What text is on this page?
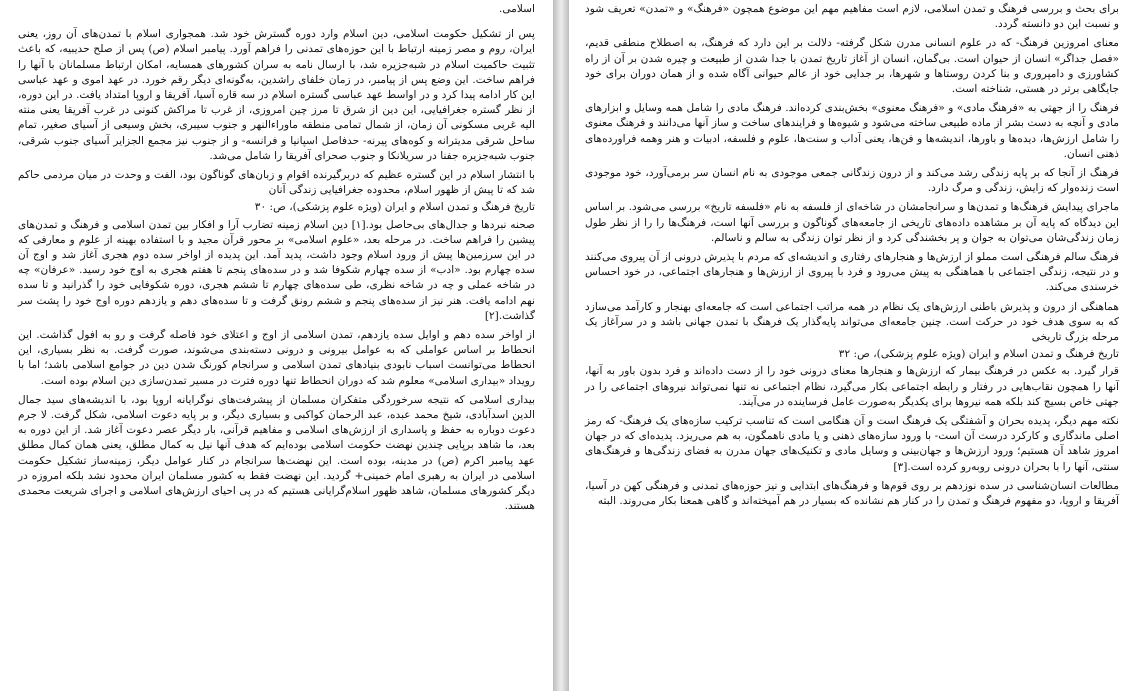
اسلامی.

پس از تشکیل حکومت اسلامی، دین اسلام وارد دوره گسترش خود شد. همجواری اسلام با تمدن‌های آن روز، یعنی ایران، روم و مصر زمینه ارتباط با این حوزه‌های تمدنی را فراهم آورد. پیامبر اسلام (ص) پس از صلح حدیبیه، که باعث تثبیت حاکمیت اسلام در شبه‌جزیره شد، با ارسال نامه به سران کشورهای همسایه، امکان ارتباط مسلمانان با آنها را فراهم ساخت. این وضع پس از پیامبر، در زمان خلفای راشدین، به‌گونه‌ای دیگر رقم خورد. در عهد اموی و عهد عباسی این کار ادامه پیدا کرد و در اواسط عهد عباسی گستره اسلام در سه قاره آسیا، آفریقا و اروپا امتداد یافت. در این دوره، از نظر گستره جغرافیایی، این دین از شرق تا مرز چین امروزی، از غرب تا مراکش کنونی در غرب آفریقا یعنی منته الیه غربی مسکونی آن زمان، از شمال تمامی منطقه ماوراءالنهر و جنوب سیبری، بخش وسیعی از آسیای صغیر، تمام ساحل شرقی مدیترانه و کوه‌های پیرنه- حدفاصل اسپانیا و فرانسه- و از جنوب نیز مجمع الجزایر آسیای جنوب شرقی، جنوب شبه‌جزیره جفنا در سریلانکا و جنوب صحرای آفریقا را شامل می‌شد.

با انتشار اسلام در این گستره عظیم که دربرگیرنده اقوام و زبان‌های گوناگون بود، الفت و وحدت در میان مردمی حاکم شد که تا پیش از ظهور اسلام، محدوده جغرافیایی زندگی آنان

تاریخ فرهنگ و تمدن اسلام و ایران (ویژه علوم پزشکی)، ص: ۳۰

صحنه نبردها و جدال‌های بی‌حاصل بود.[۱] دین اسلام زمینه تضارب آرا و افکار بین تمدن اسلامی و فرهنگ و تمدن‌های پیشین را فراهم ساخت. در مرحله بعد، «علوم اسلامی» بر محور قرآن مجید و با استفاده بهینه از علوم و معارفی که در این سرزمین‌ها پیش از ورود اسلام وجود داشت، پدید آمد. این پدیده از اواخر سده دوم هجری آغاز شد و اوج آن سده چهارم بود. «ادب» از سده چهارم شکوفا شد و در سده‌های پنجم تا هفتم هجری به اوج خود رسید. «عرفان» چه در شاخه عملی و چه در شاخه نظری، طی سده‌های چهارم تا ششم هجری، دوره شکوفایی خود را گذرانید و تا سده نهم ادامه یافت. هنر نیز از سده‌های پنجم و ششم رونق گرفت و تا سده‌های دهم و یازدهم دوره اوج خود را پشت سر گذاشت.[۲]

از اواخر سده دهم و اوایل سده یازدهم، تمدن اسلامی از اوج و اعتلای خود فاصله گرفت و رو به افول گذاشت. این انحطاط بر اساس عواملی که به عوامل بیرونی و درونی دسته‌بندی می‌شوند، صورت گرفت. به نظر بسیاری، این انحطاط می‌توانست اسباب نابودی بنیادهای تمدن اسلامی و سرانجام کورنگ شدن دین در جوامع اسلامی باشد؛ اما با رویداد «بیداری اسلامی» معلوم شد که دوران انحطاط تنها دوره فترت در مسیر تمدن‌سازی دین اسلام بوده است.

بیداری اسلامی که نتیجه سرخوردگی متفکران مسلمان از پیشرفت‌های نوگرایانه اروپا بود، با اندیشه‌های سید جمال الدین اسدآبادی، شیخ محمد عبده، عبد الرحمان کواکبی و بسیاری دیگر، و بر پایه دعوت اسلامی، شکل گرفت. لا جرم دعوت دوباره به حفظ و پاسداری از ارزش‌های اسلامی و مفاهیم قرآنی، بار دیگر عصر دعوت آغاز شد. از این دوره به بعد، ما شاهد برپایی چندین نهضت حکومت اسلامی بوده‌ایم که هدف آنها نیل به کمال مطلق، یعنی همان کمال مطلق عهد پیامبر اکرم (ص) در مدینه، بوده است. این نهضت‌ها سرانجام در کنار عوامل دیگر، زمینه‌ساز تشکیل حکومت اسلامی در ایران به رهبری امام خمینی+ گردید. این نهضت فقط به کشور مسلمان ایران محدود نشد بلکه امروزه در دیگر کشورهای مسلمان، شاهد ظهور اسلام‌گرایانی هستیم که در پی احیای ارزش‌های اسلامی و اجرای شریعت محمدی هستند.

برای بحث و بررسی فرهنگ و تمدن اسلامی، لازم است مفاهیم مهم این موضوع همچون «فرهنگ» و «تمدن» تعریف شود و نسبت این دو دانسته گردد.

معنای امروزین فرهنگ- که در علوم انسانی مدرن شکل گرفته- دلالت بر این دارد که فرهنگ، به اصطلاح منطقی قدیم، «فصل جداگر» انسان از حیوان است. بی‌گمان، انسان از آغاز تاریخ تمدن با جدا شدن از طبیعت و چیره شدن بر آن از راه کشاورزی و دامپروری و بنا کردن روستاها و شهرها، بر جدایی خود از عالم حیوانی آگاه شده و از همان دوران برای خود جایگاهی برتر در هستی، شناخته است.

فرهنگ را از جهتی به «فرهنگ مادی» و «فرهنگ معنوی» بخش‌بندی کرده‌اند. فرهنگ مادی را شامل همه وسایل و ابزارهای مادی و آنچه به دست بشر از ماده طبیعی ساخته می‌شود و شیوه‌ها و فرایندهای ساخت و ساز آنها می‌دانند و فرهنگ معنوی را شامل ارزش‌ها، دیده‌ها و باورها، اندیشه‌ها و فن‌ها، یعنی آداب و سنت‌ها، علوم و فلسفه، ادبیات و هنر وهمه فراورده‌های ذهنی انسان.

فرهنگ از آنجا که بر پایه زندگی رشد می‌کند و از درون زندگانی جمعی موجودی به نام انسان سر برمی‌آورد، خود موجودی است زنده‌وار که زایش، زندگی و مرگ دارد.

ماجرای پیدایش فرهنگ‌ها و تمدن‌ها و سرانجامشان در شاخه‌ای از فلسفه به نام «فلسفه تاریخ» بررسی می‌شود. بر اساس این دیدگاه که پایه آن بر مشاهده داده‌های تاریخی از جامعه‌های گوناگون و بررسی آنها است، فرهنگ‌ها را را از نظر طول زمان زندگی‌شان می‌توان به جوان و پر بخشندگی کرد و از نظر توان زندگی به سالم و ناسالم.

فرهنگ سالم فرهنگی است مملو از ارزش‌ها و هنجارهای رفتاری و اندیشه‌ای که مردم با پذیرش درونی از آن پیروی می‌کنند و در نتیجه، زندگی اجتماعی با هماهنگی به پیش می‌رود و فرد با پیروی از ارزش‌ها و هنجارهای اجتماعی، در خود احساس خرسندی می‌کند.

هماهنگی از درون و پذیرش باطنی ارزش‌های یک نظام در همه مراتب اجتماعی است که جامعه‌ای بهنجار و کارآمد می‌سازد که به سوی هدف خود در حرکت است. چنین جامعه‌ای می‌تواند پایه‌گذار یک فرهنگ با تمدن جهانی باشد و در سرآغاز یک مرحله بزرگ تاریخی

تاریخ فرهنگ و تمدن اسلام و ایران (ویژه علوم پزشکی)، ص: ۳۲

قرار گیرد. به عکس در فرهنگ بیمار که ارزش‌ها و هنجارها معنای درونی خود را از دست داده‌اند و فرد بدون باور به آنها، آنها را همچون نقاب‌هایی در رفتار و رابطه اجتماعی بکار می‌گیرد، نظام اجتماعی نه تنها نمی‌تواند نیروهای اجتماعی را در جهتی خاص بسیج کند بلکه همه نیروها برای یکدیگر به‌صورت عامل فرساینده در می‌آیند.

نکته مهم دیگر، پدیده بحران و آشفتگی یک فرهنگ است و آن هنگامی است که تناسب ترکیب سازه‌های یک فرهنگ- که رمز اصلی ماندگاری و کارکرد درست آن است- با ورود سازه‌های ذهنی و یا مادی ناهمگون، به هم می‌ریزد. پدیده‌ای که در جهان امروز شاهد آن هستیم؛ ورود ارزش‌ها و جهان‌بینی و وسایل مادی و تکنیک‌های جهان مدرن به فضای زندگی‌ها و فرهنگ‌های سنتی، آنها را با بحران درونی روبه‌رو کرده است.[۳]

مطالعات انسان‌شناسی در سده نوزدهم بر روی قوم‌ها و فرهنگ‌های ابتدایی و نیز حوزه‌های تمدنی و فرهنگی کهن در آسیا، آفریقا و اروپا، دو مفهوم فرهنگ و تمدن را در کنار هم نشانده که بسیار در هم آمیخته‌اند و گاهی همعنا بکار می‌روند. البته
